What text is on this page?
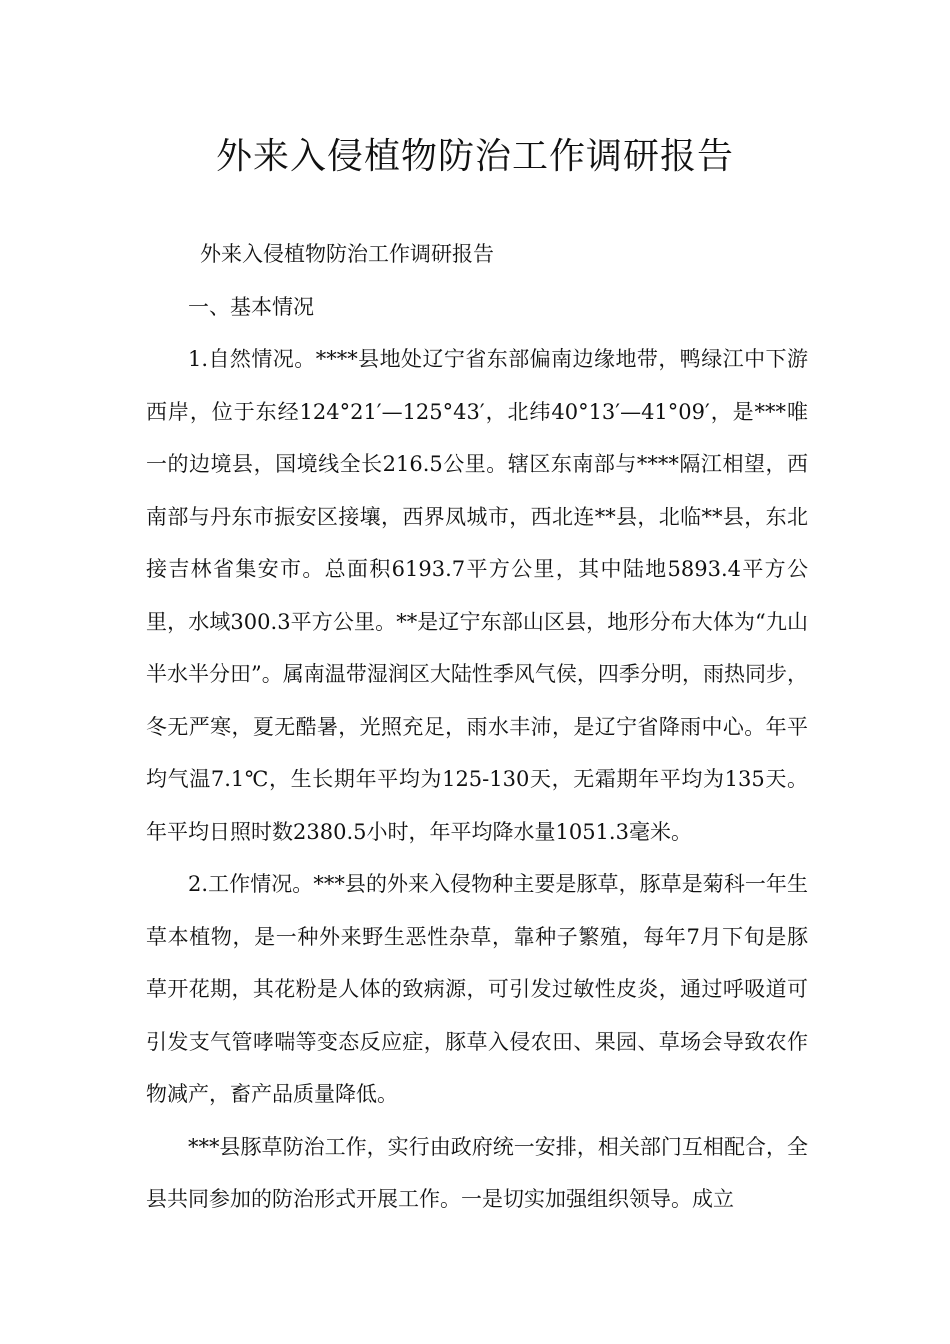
外来入侵植物防治工作调研报告

外来入侵植物防治工作调研报告

一、基本情况

1.自然情况。****县地处辽宁省东部偏南边缘地带，鸭绿江中下游西岸，位于东经124°21′—125°43′，北纬40°13′—41°09′，是***唯一的边境县，国境线全长216.5公里。辖区东南部与****隔江相望，西南部与丹东市振安区接壤，西界凤城市，西北连**县，北临**县，东北接吉林省集安市。总面积6193.7平方公里，其中陆地5893.4平方公里，水域300.3平方公里。**是辽宁东部山区县，地形分布大体为“九山半水半分田”。属南温带湿润区大陆性季风气侯，四季分明，雨热同步，冬无严寒，夏无酷暑，光照充足，雨水丰沛，是辽宁省降雨中心。年平均气温7.1℃，生长期年平均为125-130天，无霜期年平均为135天。年平均日照时数2380.5小时，年平均降水量1051.3毫米。

2.工作情况。***县的外来入侵物种主要是豚草，豚草是菊科一年生草本植物，是一种外来野生恶性杂草，靠种子繁殖，每年7月下旬是豚草开花期，其花粉是人体的致病源，可引发过敏性皮炎，通过呼吸道可引发支气管哮喘等变态反应症，豚草入侵农田、果园、草场会导致农作物减产，畜产品质量降低。

***县豚草防治工作，实行由政府统一安排，相关部门互相配合，全县共同参加的防治形式开展工作。一是切实加强组织领导。成立
